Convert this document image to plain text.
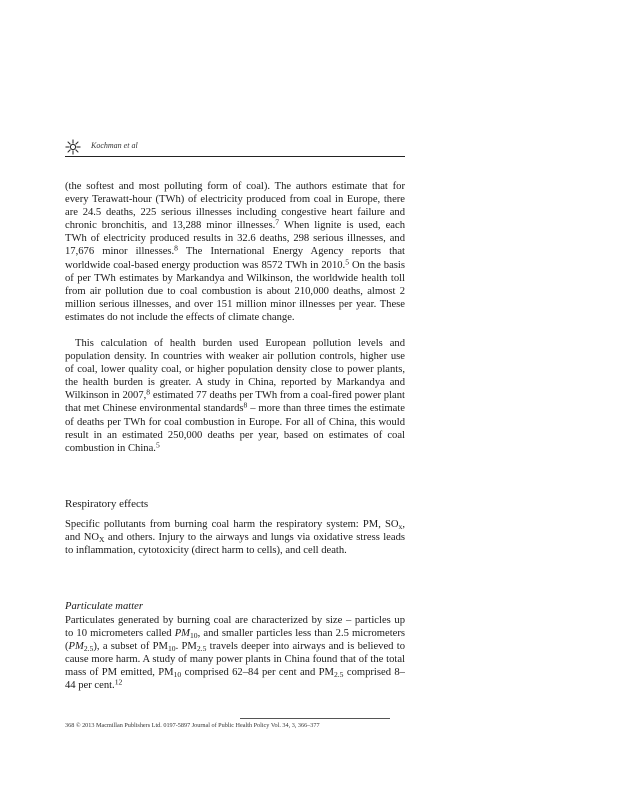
Kochman et al

(the softest and most polluting form of coal). The authors estimate that for every Terawatt-hour (TWh) of electricity produced from coal in Europe, there are 24.5 deaths, 225 serious illnesses including congestive heart failure and chronic bronchitis, and 13,288 minor illnesses.$^7$ When lignite is used, each TWh of electricity produced results in 32.6 deaths, 298 serious illnesses, and 17,676 minor illnesses.$^8$ The International Energy Agency reports that worldwide coal-based energy production was 8572 TWh in 2010.$^5$ On the basis of per TWh estimates by Markandya and Wilkinson, the worldwide health toll from air pollution due to coal combustion is about 210,000 deaths, almost 2 million serious illnesses, and over 151 million minor illnesses per year. These estimates do not include the effects of climate change.

This calculation of health burden used European pollution levels and population density. In countries with weaker air pollution controls, higher use of coal, lower quality coal, or higher population density close to power plants, the health burden is greater. A study in China, reported by Markandya and Wilkinson in 2007,$^8$ estimated 77 deaths per TWh from a coal-fired power plant that met Chinese environmental standards$^8$ – more than three times the estimate of deaths per TWh for coal combustion in Europe. For all of China, this would result in an estimated 250,000 deaths per year, based on estimates of coal combustion in China.$^5$

Respiratory effects

Specific pollutants from burning coal harm the respiratory system: PM, $SO_x$, and $NO_X$ and others. Injury to the airways and lungs via oxidative stress leads to inflammation, cytotoxicity (direct harm to cells), and cell death.

Particulate matter

Particulates generated by burning coal are characterized by size – particles up to 10 micrometers called $PM_{10}$, and smaller particles less than 2.5 micrometers $(PM_{2.5})$, a subset of $PM_{10}$. $PM_{2.5}$ travels deeper into airways and is believed to cause more harm. A study of many power plants in China found that of the total mass of PM emitted, $PM_{10}$ comprised 62–84 per cent and $PM_{2.5}$ comprised 8–44 per cent.$^{12}$

368 © 2013 Macmillan Publishers Ltd. 0197-5897 Journal of Public Health Policy Vol. 34, 3, 366–377
